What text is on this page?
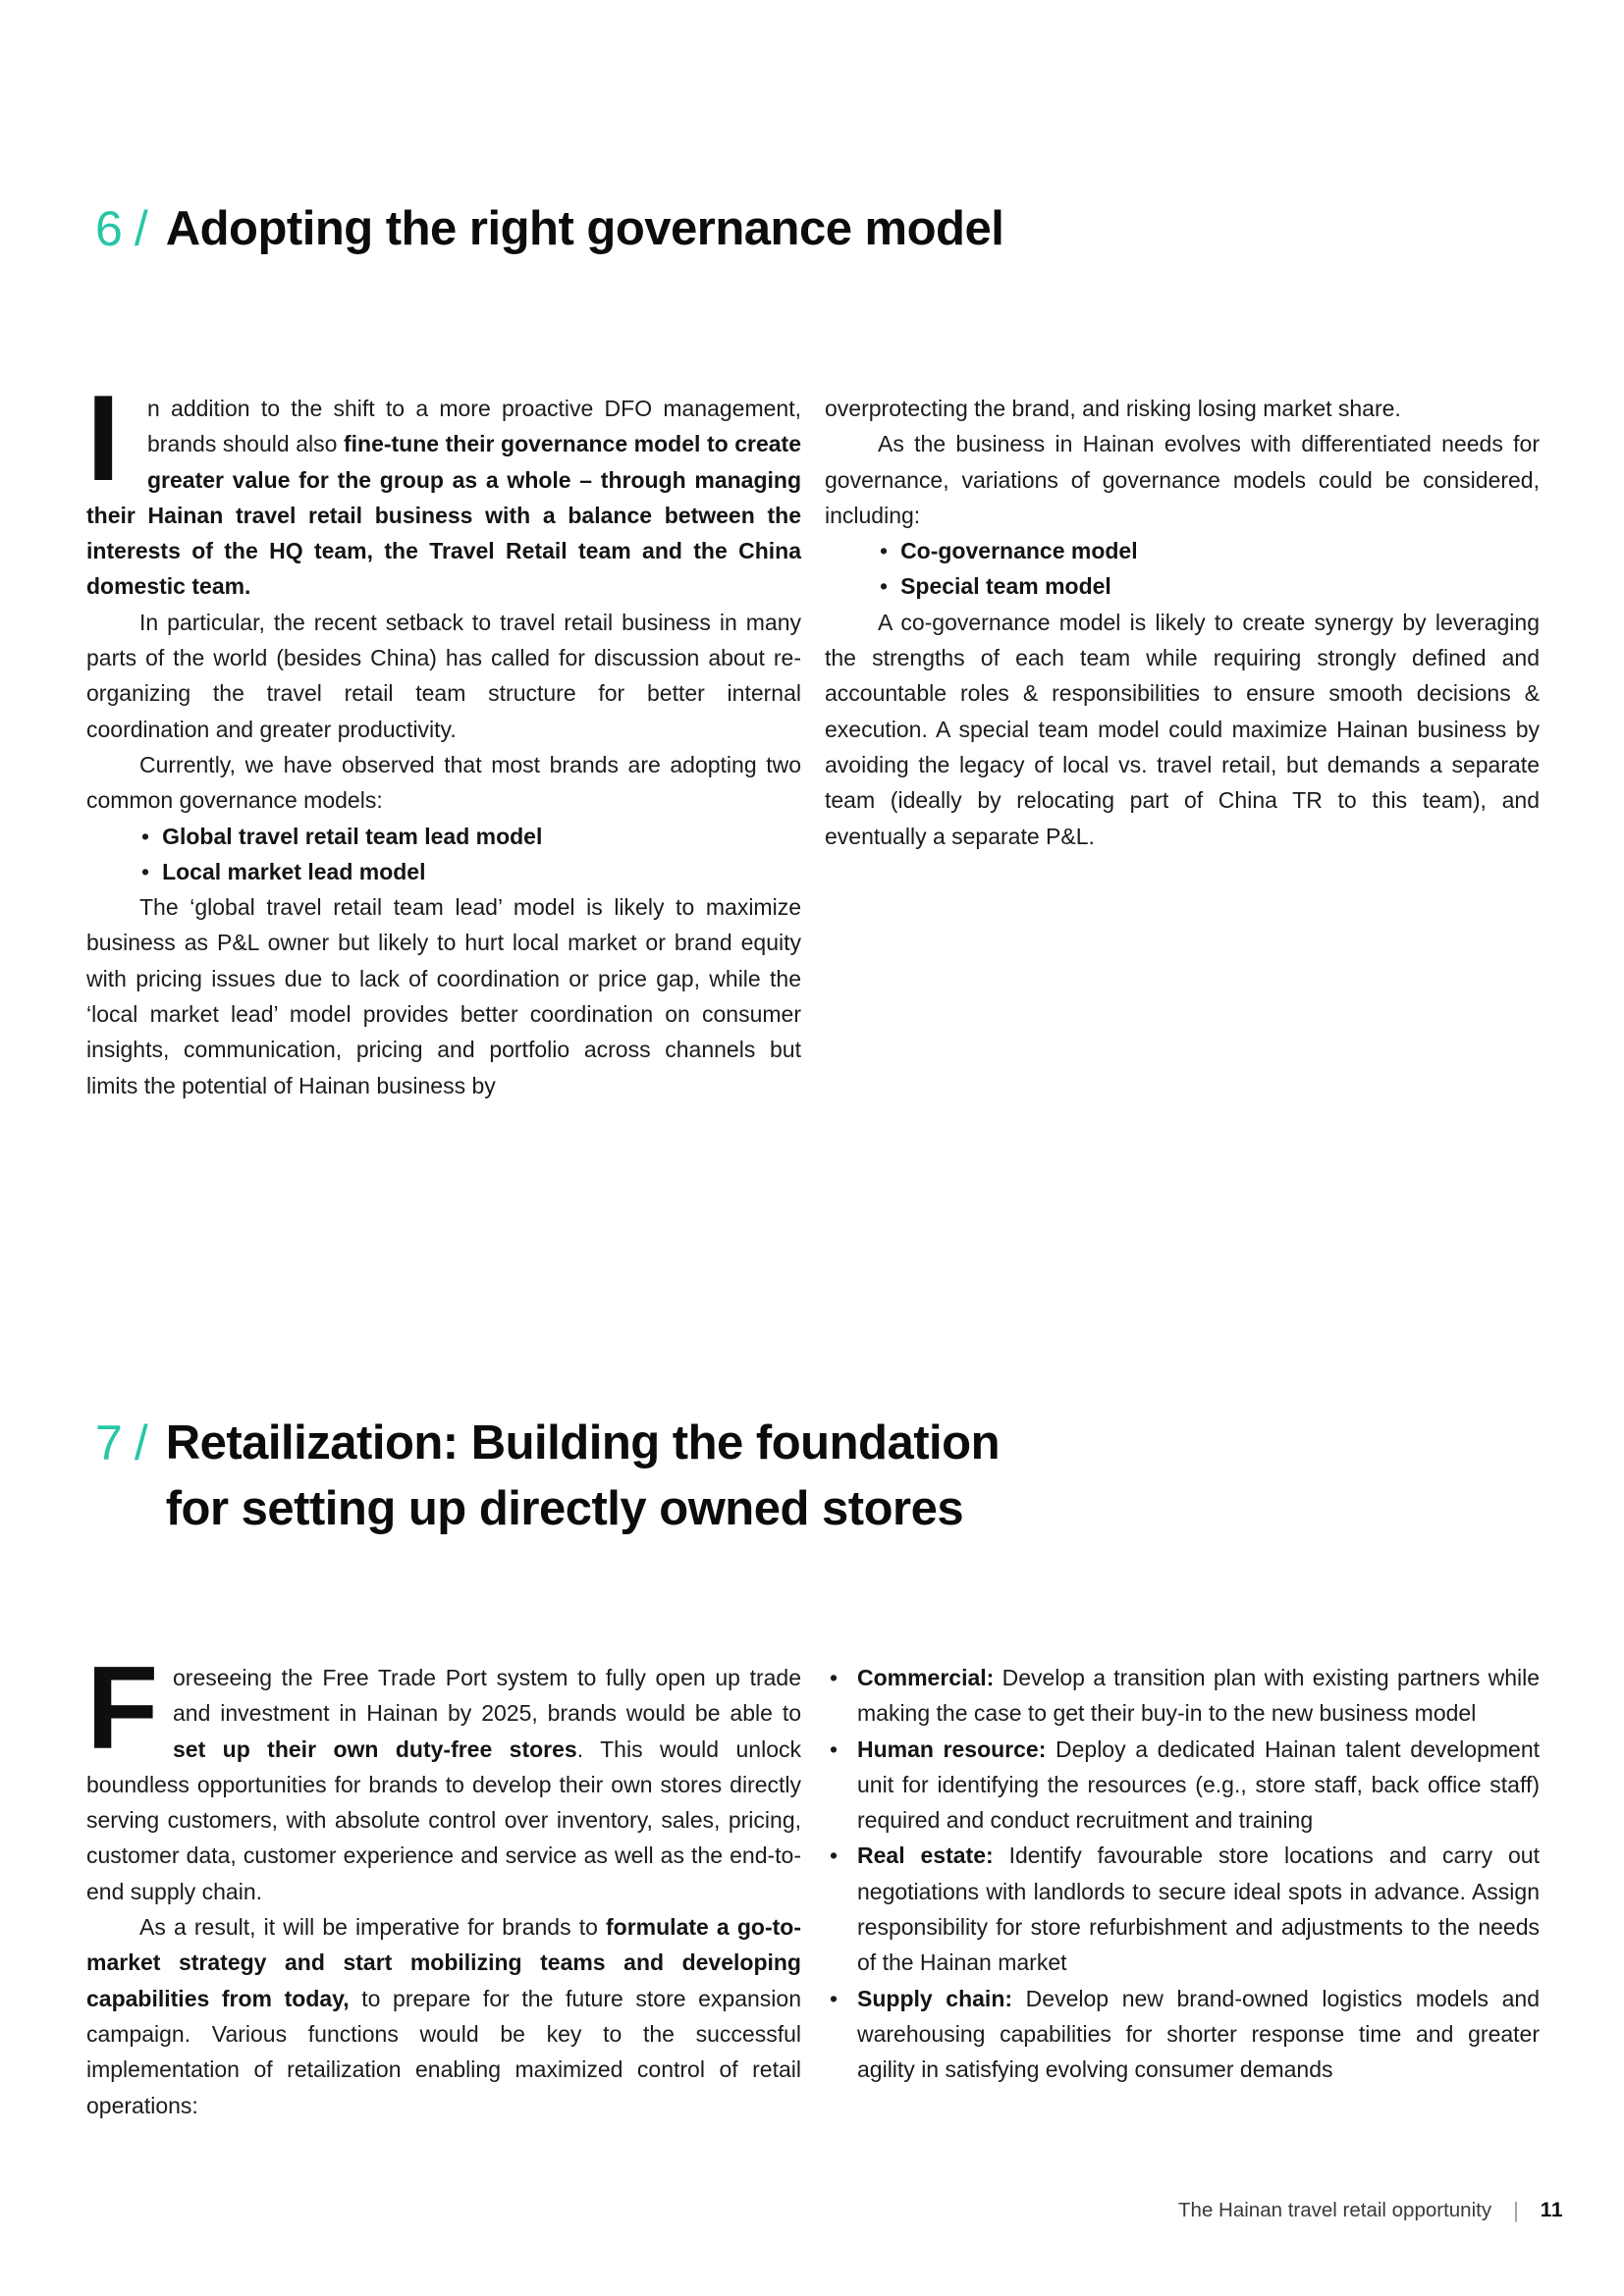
6 / Adopting the right governance model

I	n addition to the shift to a more proactive DFO management, brands should also fine-tune their governance model to create greater value for the group as a whole – through managing their Hainan travel retail business with a balance between the interests of the HQ team, the Travel Retail team and the China domestic team.

In particular, the recent setback to travel retail business in many parts of the world (besides China) has called for discussion about re-organizing the travel retail team structure for better internal coordination and greater productivity.

Currently, we have observed that most brands are adopting two common governance models:

• Global travel retail team lead model
• Local market lead model

The ‘global travel retail team lead’ model is likely to maximize business as P&L owner but likely to hurt local market or brand equity with pricing issues due to lack of coordination or price gap, while the ‘local market lead’ model provides better coordination on consumer insights, communication, pricing and portfolio across channels but limits the potential of Hainan business by

overprotecting the brand, and risking losing market share.

As the business in Hainan evolves with differentiated needs for governance, variations of governance models could be considered, including:

• Co-governance model
• Special team model

A co-governance model is likely to create synergy by leveraging the strengths of each team while requiring strongly defined and accountable roles & responsibilities to ensure smooth decisions & execution. A special team model could maximize Hainan business by avoiding the legacy of local vs. travel retail, but demands a separate team (ideally by relocating part of China TR to this team), and eventually a separate P&L.

7 / Retailization: Building the foundation
for setting up directly owned stores

Foreseeing the Free Trade Port system to fully open up trade and investment in Hainan by 2025, brands would be able to set up their own duty-free stores. This would unlock boundless opportunities for brands to develop their own stores directly serving customers, with absolute control over inventory, sales, pricing, customer data, customer experience and service as well as the end-to-end supply chain.

As a result, it will be imperative for brands to formulate a go-to-market strategy and start mobilizing teams and developing capabilities from today, to prepare for the future store expansion campaign. Various functions would be key to the successful implementation of retailization enabling maximized control of retail operations:

• Commercial: Develop a transition plan with existing partners while making the case to get their buy-in to the new business model
• Human resource: Deploy a dedicated Hainan talent development unit for identifying the resources (e.g., store staff, back office staff) required and conduct recruitment and training
• Real estate: Identify favourable store locations and carry out negotiations with landlords to secure ideal spots in advance. Assign responsibility for store refurbishment and adjustments to the needs of the Hainan market
• Supply chain: Develop new brand-owned logistics models and warehousing capabilities for shorter response time and greater agility in satisfying evolving consumer demands
The Hainan travel retail opportunity | 11
